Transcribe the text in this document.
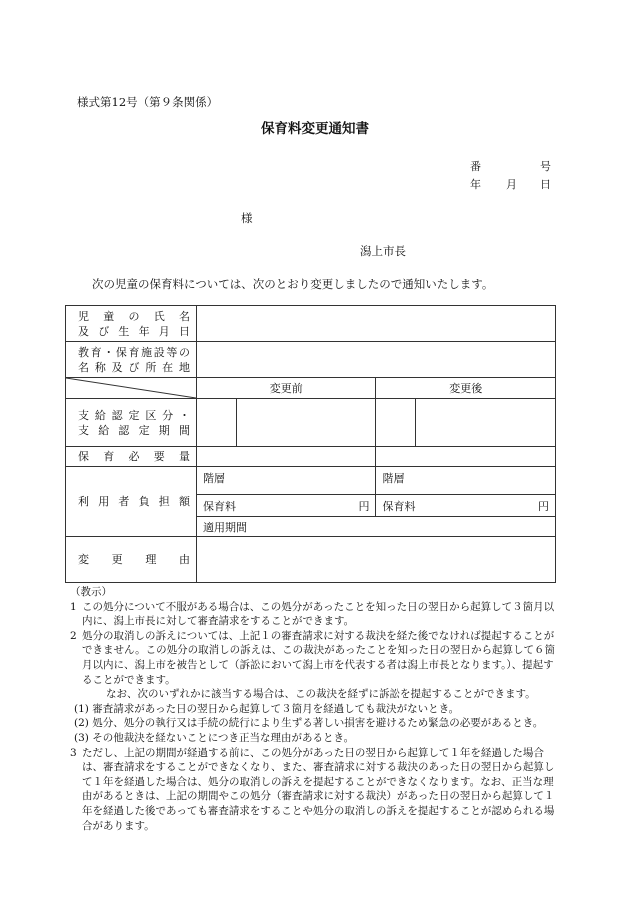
様式第12号（第９条関係）
保育料変更通知書
番	号
年 月 日
様
潟上市長
次の児童の保育料については、次のとおり変更しましたので通知いたします。
児 童 の 氏 名
及 び 生 年 月 日				

教育・保育施設等の
名 称 及 び 所 在 地				

	変更前		変更後	

支 給 認 定 区 分 ・
支 給 認 定 期 間				

保 育 必 要 量				

利 用 者 負 担 額	階層		階層	

	保育料 円		保育料 円	

	適用期間			

変 更 理 由				

（教示）
1 この処分について不服がある場合は、この処分があったことを知った日の翌日から起算して３箇月以内に、潟上市長に対して審査請求をすることができます。
2 処分の取消しの訴えについては、上記１の審査請求に対する裁決を経た後でなければ提起することができません。この処分の取消しの訴えは、この裁決があったことを知った日の翌日から起算して６箇月以内に、潟上市を被告として（訴訟において潟上市を代表する者は潟上市長となります。）、提起することができます。
なお、次のいずれかに該当する場合は、この裁決を経ずに訴訟を提起することができます。
(1) 審査請求があった日の翌日から起算して３箇月を経過しても裁決がないとき。
(2) 処分、処分の執行又は手続の続行により生ずる著しい損害を避けるため緊急の必要があるとき。
(3) その他裁決を経ないことにつき正当な理由があるとき。
3 ただし、上記の期間が経過する前に、この処分があった日の翌日から起算して１年を経過した場合は、審査請求をすることができなくなり、また、審査請求に対する裁決のあった日の翌日から起算して１年を経過した場合は、処分の取消しの訴えを提起することができなくなります。なお、正当な理由があるときは、上記の期間やこの処分（審査請求に対する裁決）があった日の翌日から起算して１年を経過した後であっても審査請求をすることや処分の取消しの訴えを提起することが認められる場合があります。
